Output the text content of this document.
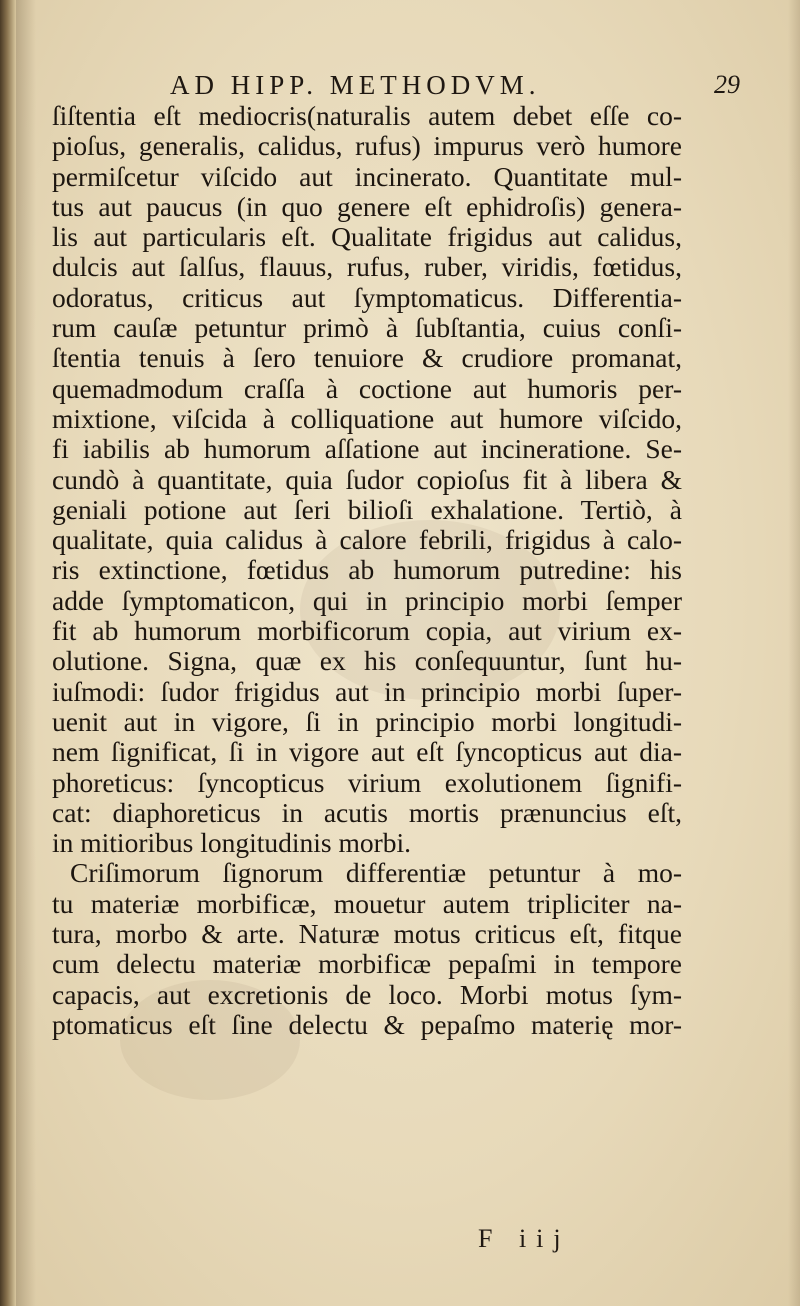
AD HIPP. METHODVM.	29
ſiſtentia eſt mediocris(naturalis autem debet eſſe co-
pioſus, generalis, calidus, rufus) impurus verò humore
permiſcetur viſcido aut incinerato. Quantitate mul-
tus aut paucus (in quo genere eſt ephidroſis) genera-
lis aut particularis eſt. Qualitate frigidus aut calidus,
dulcis aut ſalſus, flauus, rufus, ruber, viridis, fœtidus,
odoratus, criticus aut ſymptomaticus. Differentia-
rum cauſæ petuntur primò à ſubſtantia, cuius conſi-
ſtentia tenuis à ſero tenuiore & crudiore promanat,
quemadmodum craſſa à coctione aut humoris per-
mixtione, viſcida à colliquatione aut humore viſcido,
fi iabilis ab humorum aſſatione aut incineratione. Se-
cundò à quantitate, quia ſudor copioſus fit à libera &
geniali potione aut ſeri bilioſi exhalatione. Tertiò, à
qualitate, quia calidus à calore febrili, frigidus à calo-
ris extinctione, fœtidus ab humorum putredine: his
adde ſymptomaticon, qui in principio morbi ſemper
fit ab humorum morbificorum copia, aut virium ex-
olutione. Signa, quæ ex his conſequuntur, ſunt hu-
iuſmodi: ſudor frigidus aut in principio morbi ſuper-
uenit aut in vigore, ſi in principio morbi longitudi-
nem ſignificat, ſi in vigore aut eſt ſyncopticus aut dia-
phoreticus: ſyncopticus virium exolutionem ſignifi-
cat: diaphoreticus in acutis mortis prænuncius eſt,
in mitioribus longitudinis morbi.
Criſimorum ſignorum differentiæ petuntur à mo-
tu materiæ morbificæ, mouetur autem tripliciter na-
tura, morbo & arte. Naturæ motus criticus eſt, fitque
cum delectu materiæ morbificæ pepaſmi in tempore
capacis, aut excretionis de loco. Morbi motus ſym-
ptomaticus eſt ſine delectu & pepaſmo materię mor-
F iij
